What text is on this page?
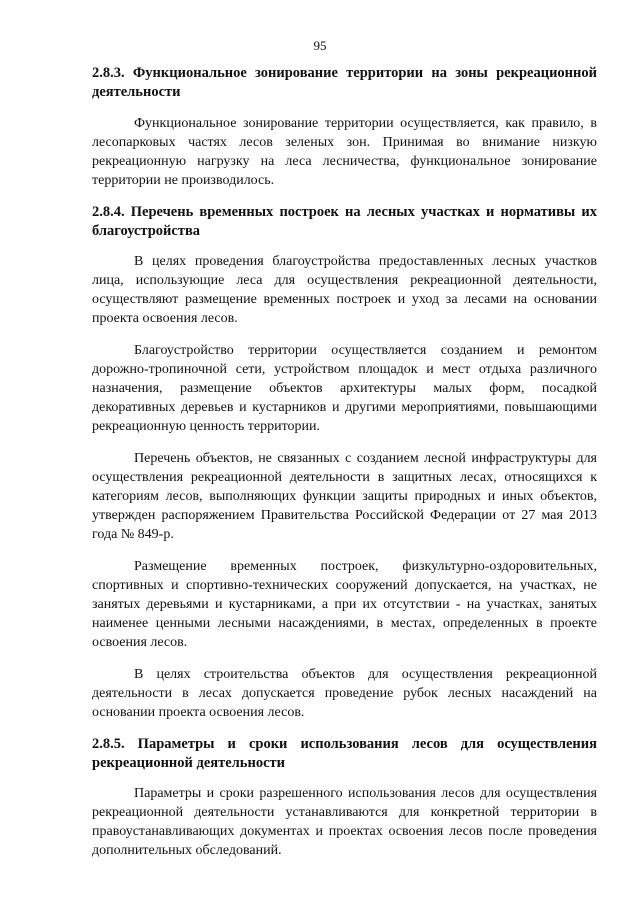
95
2.8.3. Функциональное зонирование территории на зоны рекреационной деятельности

Функциональное зонирование территории осуществляется, как правило, в лесопарковых частях лесов зеленых зон. Принимая во внимание низкую рекреационную нагрузку на леса лесничества, функциональное зонирование территории не производилось.

2.8.4. Перечень временных построек на лесных участках и нормативы их благоустройства

В целях проведения благоустройства предоставленных лесных участков лица, использующие леса для осуществления рекреационной деятельности, осуществляют размещение временных построек и уход за лесами на основании проекта освоения лесов.

Благоустройство территории осуществляется созданием и ремонтом дорожно-тропиночной сети, устройством площадок и мест отдыха различного назначения, размещение объектов архитектуры малых форм, посадкой декоративных деревьев и кустарников и другими мероприятиями, повышающими рекреационную ценность территории.

Перечень объектов, не связанных с созданием лесной инфраструктуры для осуществления рекреационной деятельности в защитных лесах, относящихся к категориям лесов, выполняющих функции защиты природных и иных объектов, утвержден распоряжением Правительства Российской Федерации от 27 мая 2013 года № 849-р.

Размещение временных построек, физкультурно-оздоровительных, спортивных и спортивно-технических сооружений допускается, на участках, не занятых деревьями и кустарниками, а при их отсутствии - на участках, занятых наименее ценными лесными насаждениями, в местах, определенных в проекте освоения лесов.

В целях строительства объектов для осуществления рекреационной деятельности в лесах допускается проведение рубок лесных насаждений на основании проекта освоения лесов.

2.8.5. Параметры и сроки использования лесов для осуществления рекреационной деятельности

Параметры и сроки разрешенного использования лесов для осуществления рекреационной деятельности устанавливаются для конкретной территории в правоустанавливающих документах и проектах освоения лесов после проведения дополнительных обследований.
